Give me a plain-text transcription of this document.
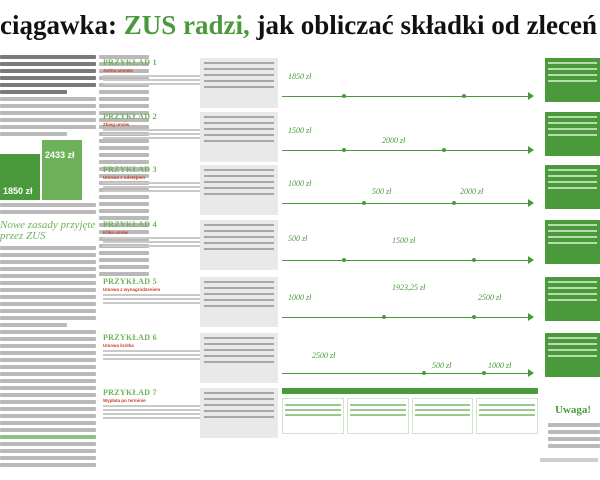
ciągawka: ZUS radzi, jak obliczać składki od zleceń
1850 zł
2433 zł
Nowe zasady przyjęte przez ZUS
PRZYKŁAD 1
Jedna umowa
PRZYKŁAD 2
Zbieg umów
PRZYKŁAD 3
Umowa z odstępem
PRZYKŁAD 4
Kilka umów
PRZYKŁAD 5
Umowa z wynagrodzeniem
PRZYKŁAD 6
Umowa krótka
PRZYKŁAD 7
Wypłata po terminie
1850 zł
1500 zł
2000 zł
1000 zł
500 zł	2000 zł
500 zł	1500 zł
1000 zł
1923,25 zł
2500 zł
2500 zł
500 zł	1000 zł
Uwaga!
